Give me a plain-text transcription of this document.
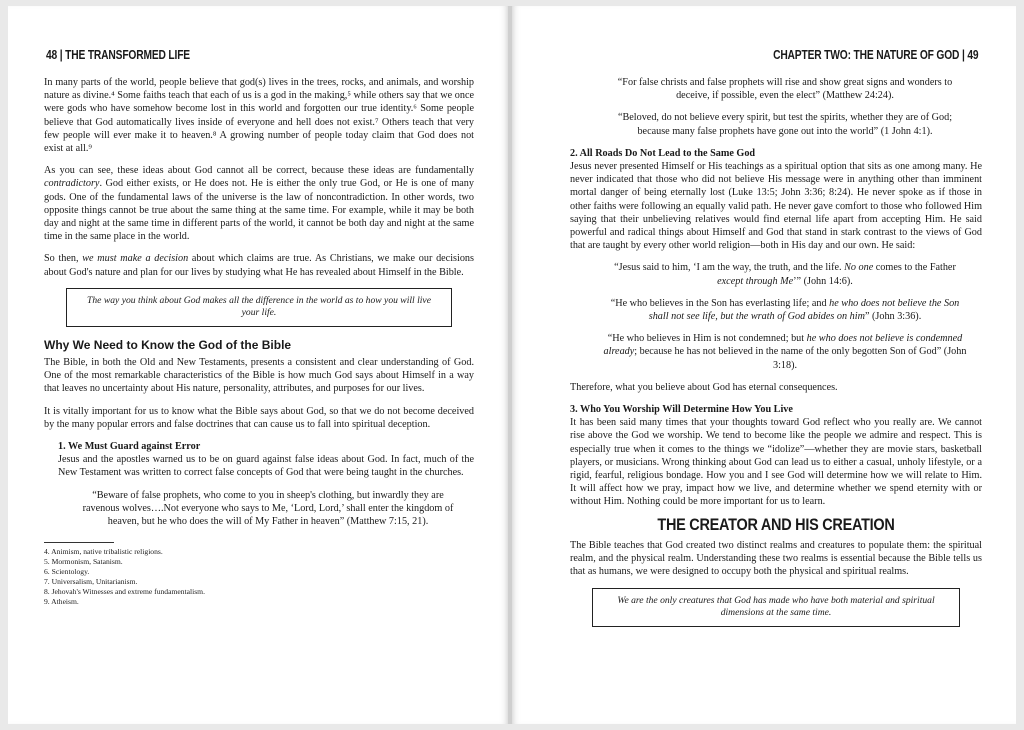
48 | THE TRANSFORMED LIFE

In many parts of the world, people believe that god(s) lives in the trees, rocks, and animals, and worship nature as divine.⁴ Some faiths teach that each of us is a god in the making,⁵ while others say that we once were gods who have somehow become lost in this world and forgotten our true identity.⁶ Some people believe that God automatically lives inside of everyone and hell does not exist.⁷ Others teach that very few people will ever make it to heaven.⁸ A growing number of people today claim that God does not exist at all.⁹

As you can see, these ideas about God cannot all be correct, because these ideas are fundamentally contradictory. God either exists, or He does not. He is either the only true God, or He is one of many gods. One of the fundamental laws of the universe is the law of noncontradiction. In other words, two opposite things cannot be true about the same thing at the same time. For example, while it may be both day and night at the same time in different parts of the world, it cannot be both day and night at the same time in the same place in the world.

So then, we must make a decision about which claims are true. As Christians, we make our decisions about God's nature and plan for our lives by studying what He has revealed about Himself in the Bible.

The way you think about God makes all the difference in the world as to how you will live your life.
Why We Need to Know the God of the Bible

The Bible, in both the Old and New Testaments, presents a consistent and clear understanding of God. One of the most remarkable characteristics of the Bible is how much God says about Himself in a way that leaves no uncertainty about His nature, personality, attributes, and purposes for our lives.

It is vitally important for us to know what the Bible says about God, so that we do not become deceived by the many popular errors and false doctrines that can cause us to fall into spiritual deception.

1. We Must Guard against Error

Jesus and the apostles warned us to be on guard against false ideas about God. In fact, much of the New Testament was written to correct false concepts of God that were being taught in the churches.

“Beware of false prophets, who come to you in sheep's clothing, but inwardly they are ravenous wolves….Not everyone who says to Me, ‘Lord, Lord,’ shall enter the kingdom of heaven, but he who does the will of My Father in heaven” (Matthew 7:15, 21).

4. Animism, native tribalistic religions.
5. Mormonism, Satanism.
6. Scientology.
7. Universalism, Unitarianism.
8. Jehovah's Witnesses and extreme fundamentalism.
9. Atheism.
CHAPTER TWO: THE NATURE OF GOD | 49

“For false christs and false prophets will rise and show great signs and wonders to deceive, if possible, even the elect” (Matthew 24:24).

“Beloved, do not believe every spirit, but test the spirits, whether they are of God; because many false prophets have gone out into the world” (1 John 4:1).

2. All Roads Do Not Lead to the Same God

Jesus never presented Himself or His teachings as a spiritual option that sits as one among many. He never indicated that those who did not believe His message were in anything other than imminent mortal danger of being eternally lost (Luke 13:5; John 3:36; 8:24). He never spoke as if those in other faiths were following an equally valid path. He never gave comfort to those who followed Him saying that their unbelieving relatives would find eternal life apart from accepting Him. He said powerful and radical things about Himself and God that stand in stark contrast to the views of God that are taught by every other world religion—both in His day and our own. He said:

“Jesus said to him, ‘I am the way, the truth, and the life. No one comes to the Father except through Me’” (John 14:6).

“He who believes in the Son has everlasting life; and he who does not believe the Son shall not see life, but the wrath of God abides on him” (John 3:36).

“He who believes in Him is not condemned; but he who does not believe is condemned already; because he has not believed in the name of the only begotten Son of God” (John 3:18).

Therefore, what you believe about God has eternal consequences.

3. Who You Worship Will Determine How You Live

It has been said many times that your thoughts toward God reflect who you really are. We cannot rise above the God we worship. We tend to become like the people we admire and respect. This is especially true when it comes to the things we “idolize”—whether they are movie stars, basketball players, or musicians. Wrong thinking about God can lead us to either a casual, unholy lifestyle, or a rigid, fearful, religious bondage. How you and I see God will determine how we will relate to Him. It will affect how we pray, impact how we live, and determine whether we spend eternity with or without Him. Nothing could be more important for us to learn.

THE CREATOR AND HIS CREATION

The Bible teaches that God created two distinct realms and creatures to populate them: the spiritual realm, and the physical realm. Understanding these two realms is essential because the Bible tells us that as humans, we were designed to occupy both the physical and spiritual realms.

We are the only creatures that God has made who have both material and spiritual dimensions at the same time.
